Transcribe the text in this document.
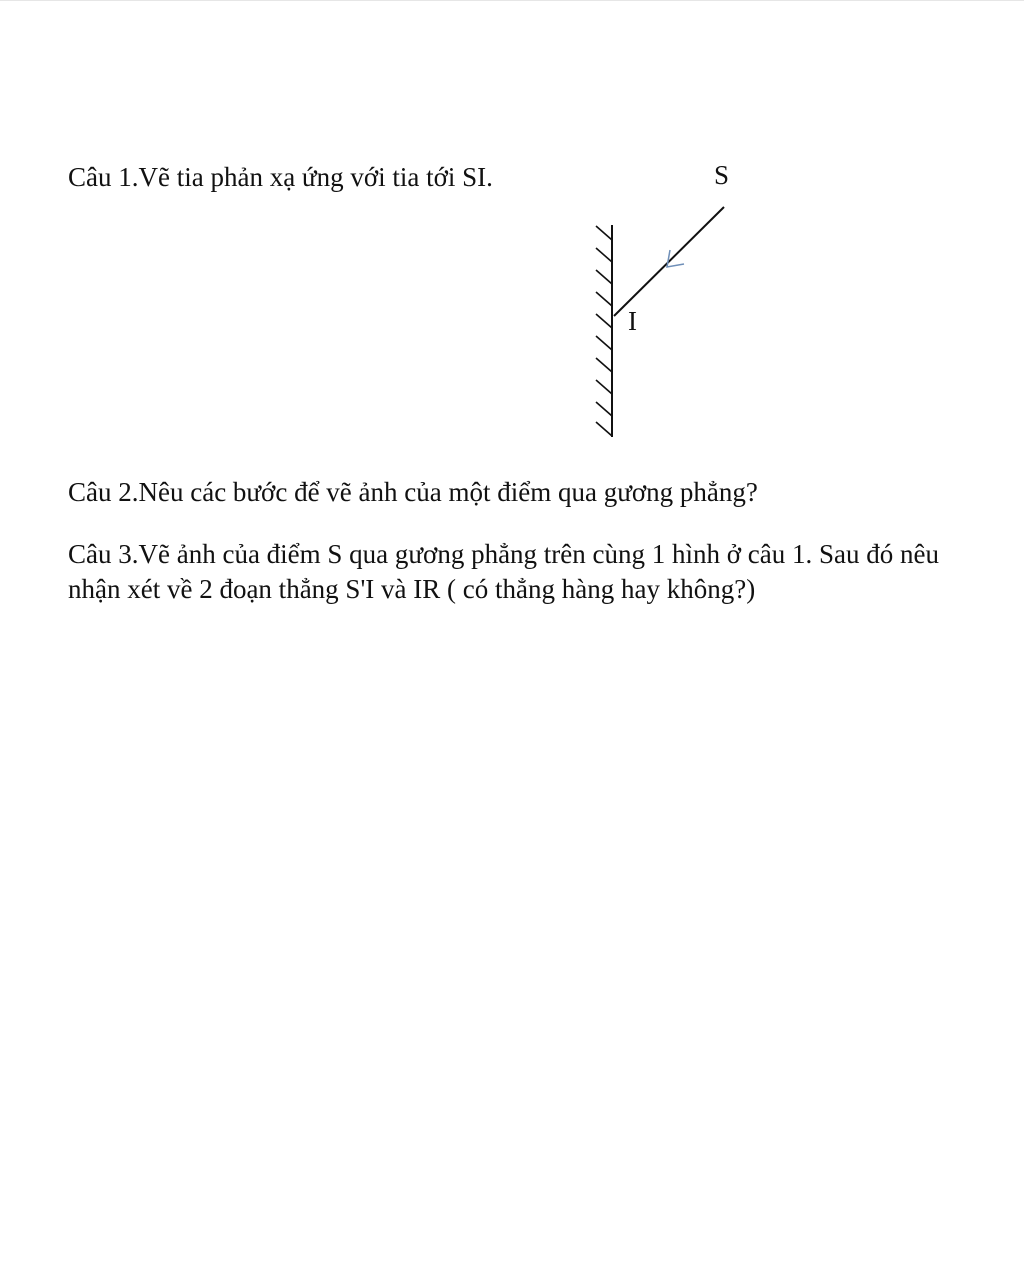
Câu 1.Vẽ tia phản xạ ứng với tia tới SI.	S
I
Câu 2.Nêu các bước để vẽ ảnh của một điểm qua gương phẳng?
Câu 3.Vẽ ảnh của điểm S qua gương phẳng trên cùng 1 hình ở câu 1. Sau đó nêu
nhận xét về 2 đoạn thẳng S'I và IR ( có thẳng hàng hay không?)
